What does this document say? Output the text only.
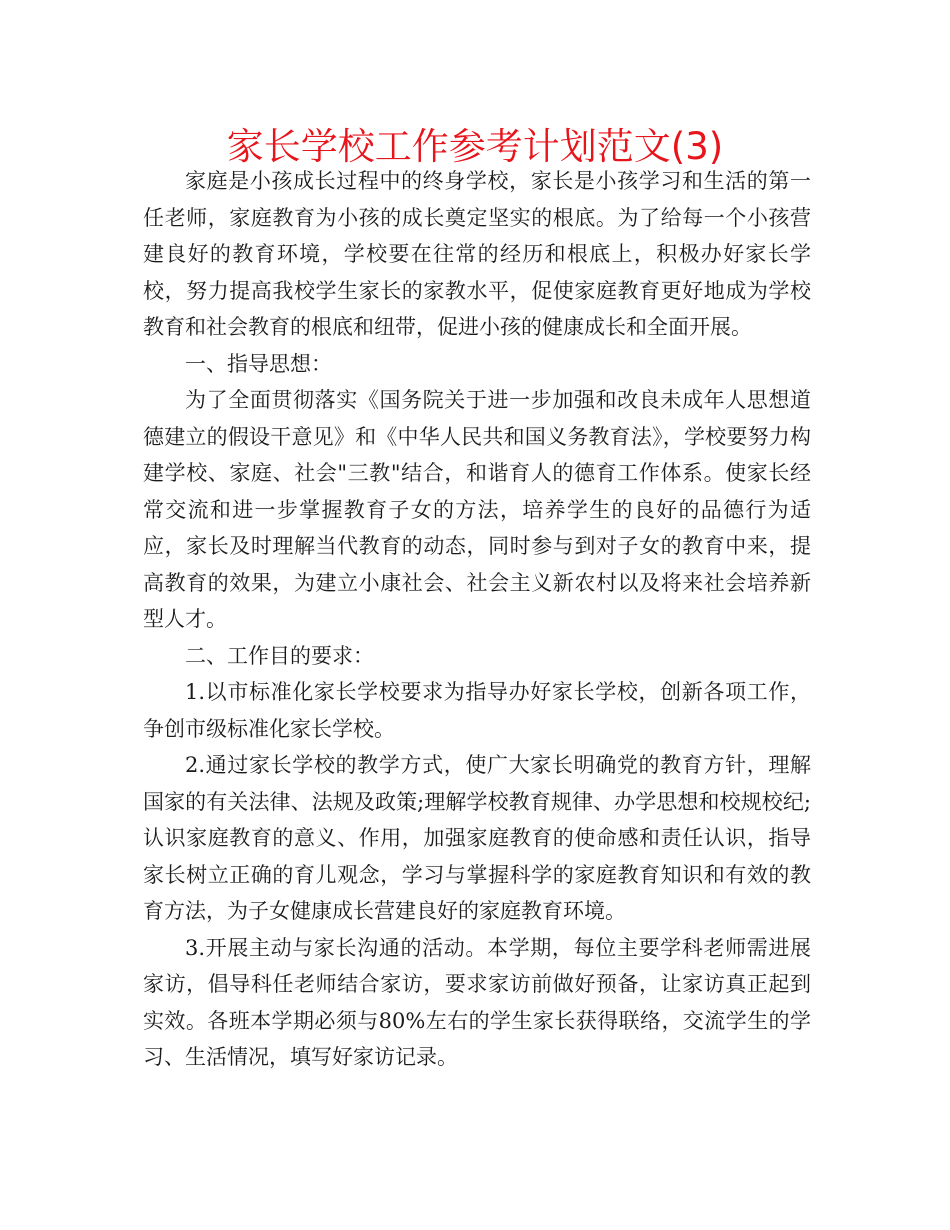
家长学校工作参考计划范文(3)

家庭是小孩成长过程中的终身学校，家长是小孩学习和生活的第一任老师，家庭教育为小孩的成长奠定坚实的根底。为了给每一个小孩营建良好的教育环境，学校要在往常的经历和根底上，积极办好家长学校，努力提高我校学生家长的家教水平，促使家庭教育更好地成为学校教育和社会教育的根底和纽带，促进小孩的健康成长和全面开展。

一、指导思想：

为了全面贯彻落实《国务院关于进一步加强和改良未成年人思想道德建立的假设干意见》和《中华人民共和国义务教育法》，学校要努力构建学校、家庭、社会"三教"结合，和谐育人的德育工作体系。使家长经常交流和进一步掌握教育子女的方法，培养学生的良好的品德行为适应，家长及时理解当代教育的动态，同时参与到对子女的教育中来，提高教育的效果，为建立小康社会、社会主义新农村以及将来社会培养新型人才。

二、工作目的要求：

1.以市标准化家长学校要求为指导办好家长学校，创新各项工作，争创市级标准化家长学校。

2.通过家长学校的教学方式，使广大家长明确党的教育方针，理解国家的有关法律、法规及政策;理解学校教育规律、办学思想和校规校纪;认识家庭教育的意义、作用，加强家庭教育的使命感和责任认识，指导家长树立正确的育儿观念，学习与掌握科学的家庭教育知识和有效的教育方法，为子女健康成长营建良好的家庭教育环境。

3.开展主动与家长沟通的活动。本学期，每位主要学科老师需进展家访，倡导科任老师结合家访，要求家访前做好预备，让家访真正起到实效。各班本学期必须与80%左右的学生家长获得联络，交流学生的学习、生活情况，填写好家访记录。
